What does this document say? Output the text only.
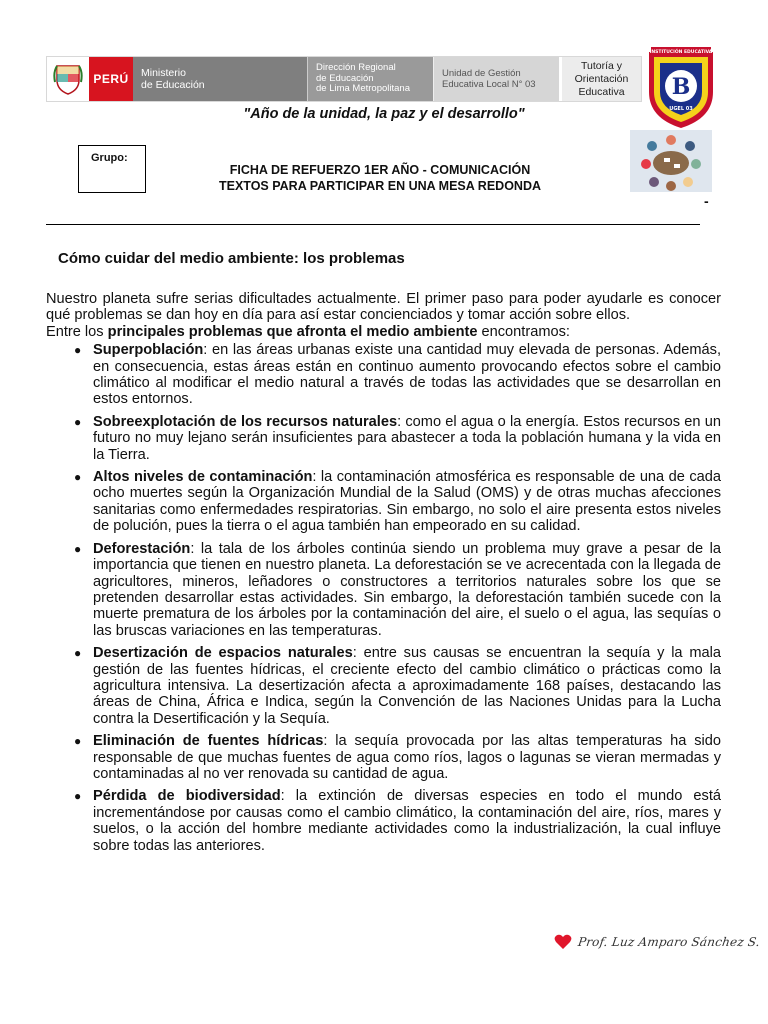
PERÚ	Ministerio
de Educación
Dirección Regional
de Educación
de Lima Metropolitana
Unidad de Gestión
Educativa Local N° 03
Tutoría y Orientación
Educativa	B
INSTITUCIÓN EDUCATIVA
UGEL 03
"Año de la unidad, la paz y el desarrollo"
Grupo:
FICHA DE REFUERZO 1ER AÑO - COMUNICACIÓN
TEXTOS PARA PARTICIPAR EN UNA MESA REDONDA
-
Cómo cuidar del medio ambiente: los problemas

Nuestro planeta sufre serias dificultades actualmente. El primer paso para poder ayudarle es conocer qué problemas se dan hoy en día para así estar concienciados y tomar acción sobre ellos.

Entre los principales problemas que afronta el medio ambiente encontramos:

● Superpoblación: en las áreas urbanas existe una cantidad muy elevada de personas. Además, en consecuencia, estas áreas están en continuo aumento provocando efectos sobre el cambio climático al modificar el medio natural a través de todas las actividades que se desarrollan en estos entornos.
● Sobreexplotación de los recursos naturales: como el agua o la energía. Estos recursos en un futuro no muy lejano serán insuficientes para abastecer a toda la población humana y la vida en la Tierra.
● Altos niveles de contaminación: la contaminación atmosférica es responsable de una de cada ocho muertes según la Organización Mundial de la Salud (OMS) y de otras muchas afecciones sanitarias como enfermedades respiratorias. Sin embargo, no solo el aire presenta estos niveles de polución, pues la tierra o el agua también han empeorado en su calidad.
● Deforestación: la tala de los árboles continúa siendo un problema muy grave a pesar de la importancia que tienen en nuestro planeta. La deforestación se ve acrecentada con la llegada de agricultores, mineros, leñadores o constructores a territorios naturales sobre los que se pretenden desarrollar estas actividades. Sin embargo, la deforestación también sucede con la muerte prematura de los árboles por la contaminación del aire, el suelo o el agua, las sequías o las bruscas variaciones en las temperaturas.
● Desertización de espacios naturales: entre sus causas se encuentran la sequía y la mala gestión de las fuentes hídricas, el creciente efecto del cambio climático o prácticas como la agricultura intensiva. La desertización afecta a aproximadamente 168 países, destacando las áreas de China, África e Indica, según la Convención de las Naciones Unidas para la Lucha contra la Desertificación y la Sequía.
● Eliminación de fuentes hídricas: la sequía provocada por las altas temperaturas ha sido responsable de que muchas fuentes de agua como ríos, lagos o lagunas se vieran mermadas y contaminadas al no ver renovada su cantidad de agua.
● Pérdida de biodiversidad: la extinción de diversas especies en todo el mundo está incrementándose por causas como el cambio climático, la contaminación del aire, ríos, mares y suelos, o la acción del hombre mediante actividades como la industrialización, la cual influye sobre todas las anteriores.
Prof. Luz Amparo Sánchez S.
